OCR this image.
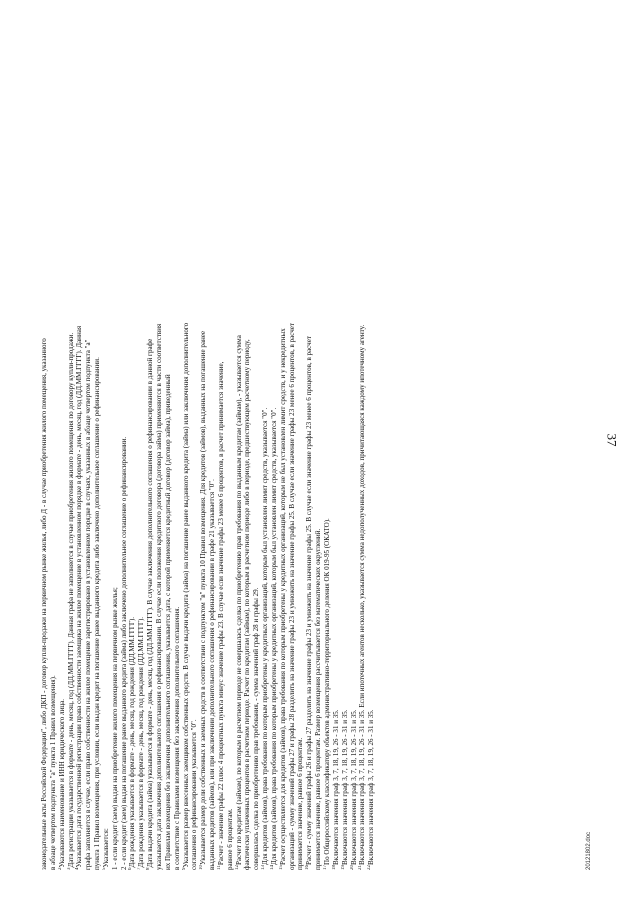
37
законодательные акты Российской Федерации", либо ДКП - договор купли-продажи на первичном рынке жилья, либо Д - в случае приобретения жилого помещения, указанного в абзаце четвертом подпункта "а" пункта 1 Правил возмещения). $^2$Указываются наименование и ИНН юридического лица.
$^3$Дата регистрации указывается в формате - день, месяц, год (ДД.ММ.ГГГГ). Данная графа не заполняется в случае приобретения жилого помещения по договору купли-продажи.
$^4$Указывается дата государственной регистрации права собственности заемщика на жилое помещение в установленном порядке в формате - день, месяц, год (ДД.ММ.ГГГГ). Данная графа заполняется в случае, если право собственности на жилое помещение зарегистрировано в установленном порядке в случаях, указанных в абзаце четвертом подпункта "а" пункта 1 Правил возмещения, при условии, если выдан кредит на погашение ранее выданного кредита либо заключено дополнительное соглашение о рефинансировании. $^5$Указывается: 1 - если кредит (заем) выдан на приобретение жилого помещения на первичном рынке жилья; 2 - если кредит (заем) выдан на погашение ранее выданного кредита (займа) либо заключено дополнительное соглашение о рефинансировании. $^6$Дата рождения указывается в формате - день, месяц, год рождения (ДД.ММ.ГГГГ).
$^7$Дата рождения указывается в формате - день, месяц, год рождения (ДД.ММ.ГГГГ).
$^8$Дата выдачи кредита (займа) указывается в формате - день, месяц, год (ДД.ММ.ГГГГ). В случае заключения дополнительного соглашения о рефинансировании в данной графе указывается дата заключения дополнительного соглашения о рефинансировании. В случае если положения кредитного договора (договора займа) применяются в части соответствия их Правилам возмещения без заключения дополнительного соглашения, указывается дата, с которой применяется кредитный договор (договор займа), приведенный в соответствие с Правилами возмещения без заключения дополнительного соглашения. $^9$Указывается размер внесенных заемщиком собственных средств. В случае выдачи кредита (займа) на погашение ранее выданного кредита (займа) или заключения дополнительного соглашения о рефинансировании указывается "0". $^{10}$Указывается размер доли собственных и заемных средств в соответствии с подпунктом "в" пункта 10 Правил возмещения. Для кредитов (займов), выданных на погашение ранее выданных кредитов (займов), или при заключении дополнительного соглашения о рефинансировании в графе 21 указывается "0". $^{11}$Расчет - значение графы 22 плюс 4 процентных пункта минус значение графы 23. В случае если значение графы 23 менее 6 процентов, в расчет принимается значение, равное 6 процентам. $^{12}$Расчет по кредитам (займам), по которым в расчетном периоде не совершалась сделка по приобретению прав требования по выданным кредитам (займам), - указывается сумма фактически уплаченных процентов в расчетном периоде. Расчет по кредитам (займам), по которым в расчетном периоде либо в периоде, предшествующем расчетному периоду, совершалась сделка по приобретению прав требования, - сумма значений граф 28 и графы 29. $^{13}$Для кредитов (займов), права требования по которым приобретены у кредитных организаций, которым был установлен лимит средств, указывается "0".
$^{14}$Для кредитов (займов), права требования по которым приобретены у кредитных организаций, которым был установлен лимит средств, указывается "0".
$^{15}$Расчет осуществляется для кредитов (займов), права требования по которым приобретены у кредитных организаций, которым не был установлен лимит средств, и у некредитных организаций - сумму значений графы 27 и графы 28 разделить на значение графы 23 и умножить на значение графы 25. В случае если значение графы 23 менее 6 процентов, в расчет принимается значение, равное 6 процентам. $^{16}$Расчет - сумму значений графы 26 и графы 27 разделить на значение графы 23 и умножить на значение графы 25. В случае если значение графы 23 менее 6 процентов, в расчет принимается значение, равное 6 процентам. Размер возмещения рассчитывается без математических округлений. $^{17}$По Общероссийскому классификатору объектов административно-территориального деления ОК 019-95 (ОКАТО).
$^{18}$Включаются значения граф 3, 7, 18, 19, 26 - 31 и 35.
$^{19}$Включаются значения граф 3, 7, 18, 19, 26 - 31 и 35.
$^{20}$Включаются значения граф 3, 7, 18, 19, 26 - 31 и 35.
$^{21}$Включаются значения граф 3, 7, 18, 19, 26 - 31 и 35. Если ипотечных агентов несколько, указывается сумма недополученных доходов, причитающаяся каждому ипотечному агенту.
$^{22}$Включаются значения граф 3, 7, 18, 19, 26 - 31 и 35.	20121802.doc
